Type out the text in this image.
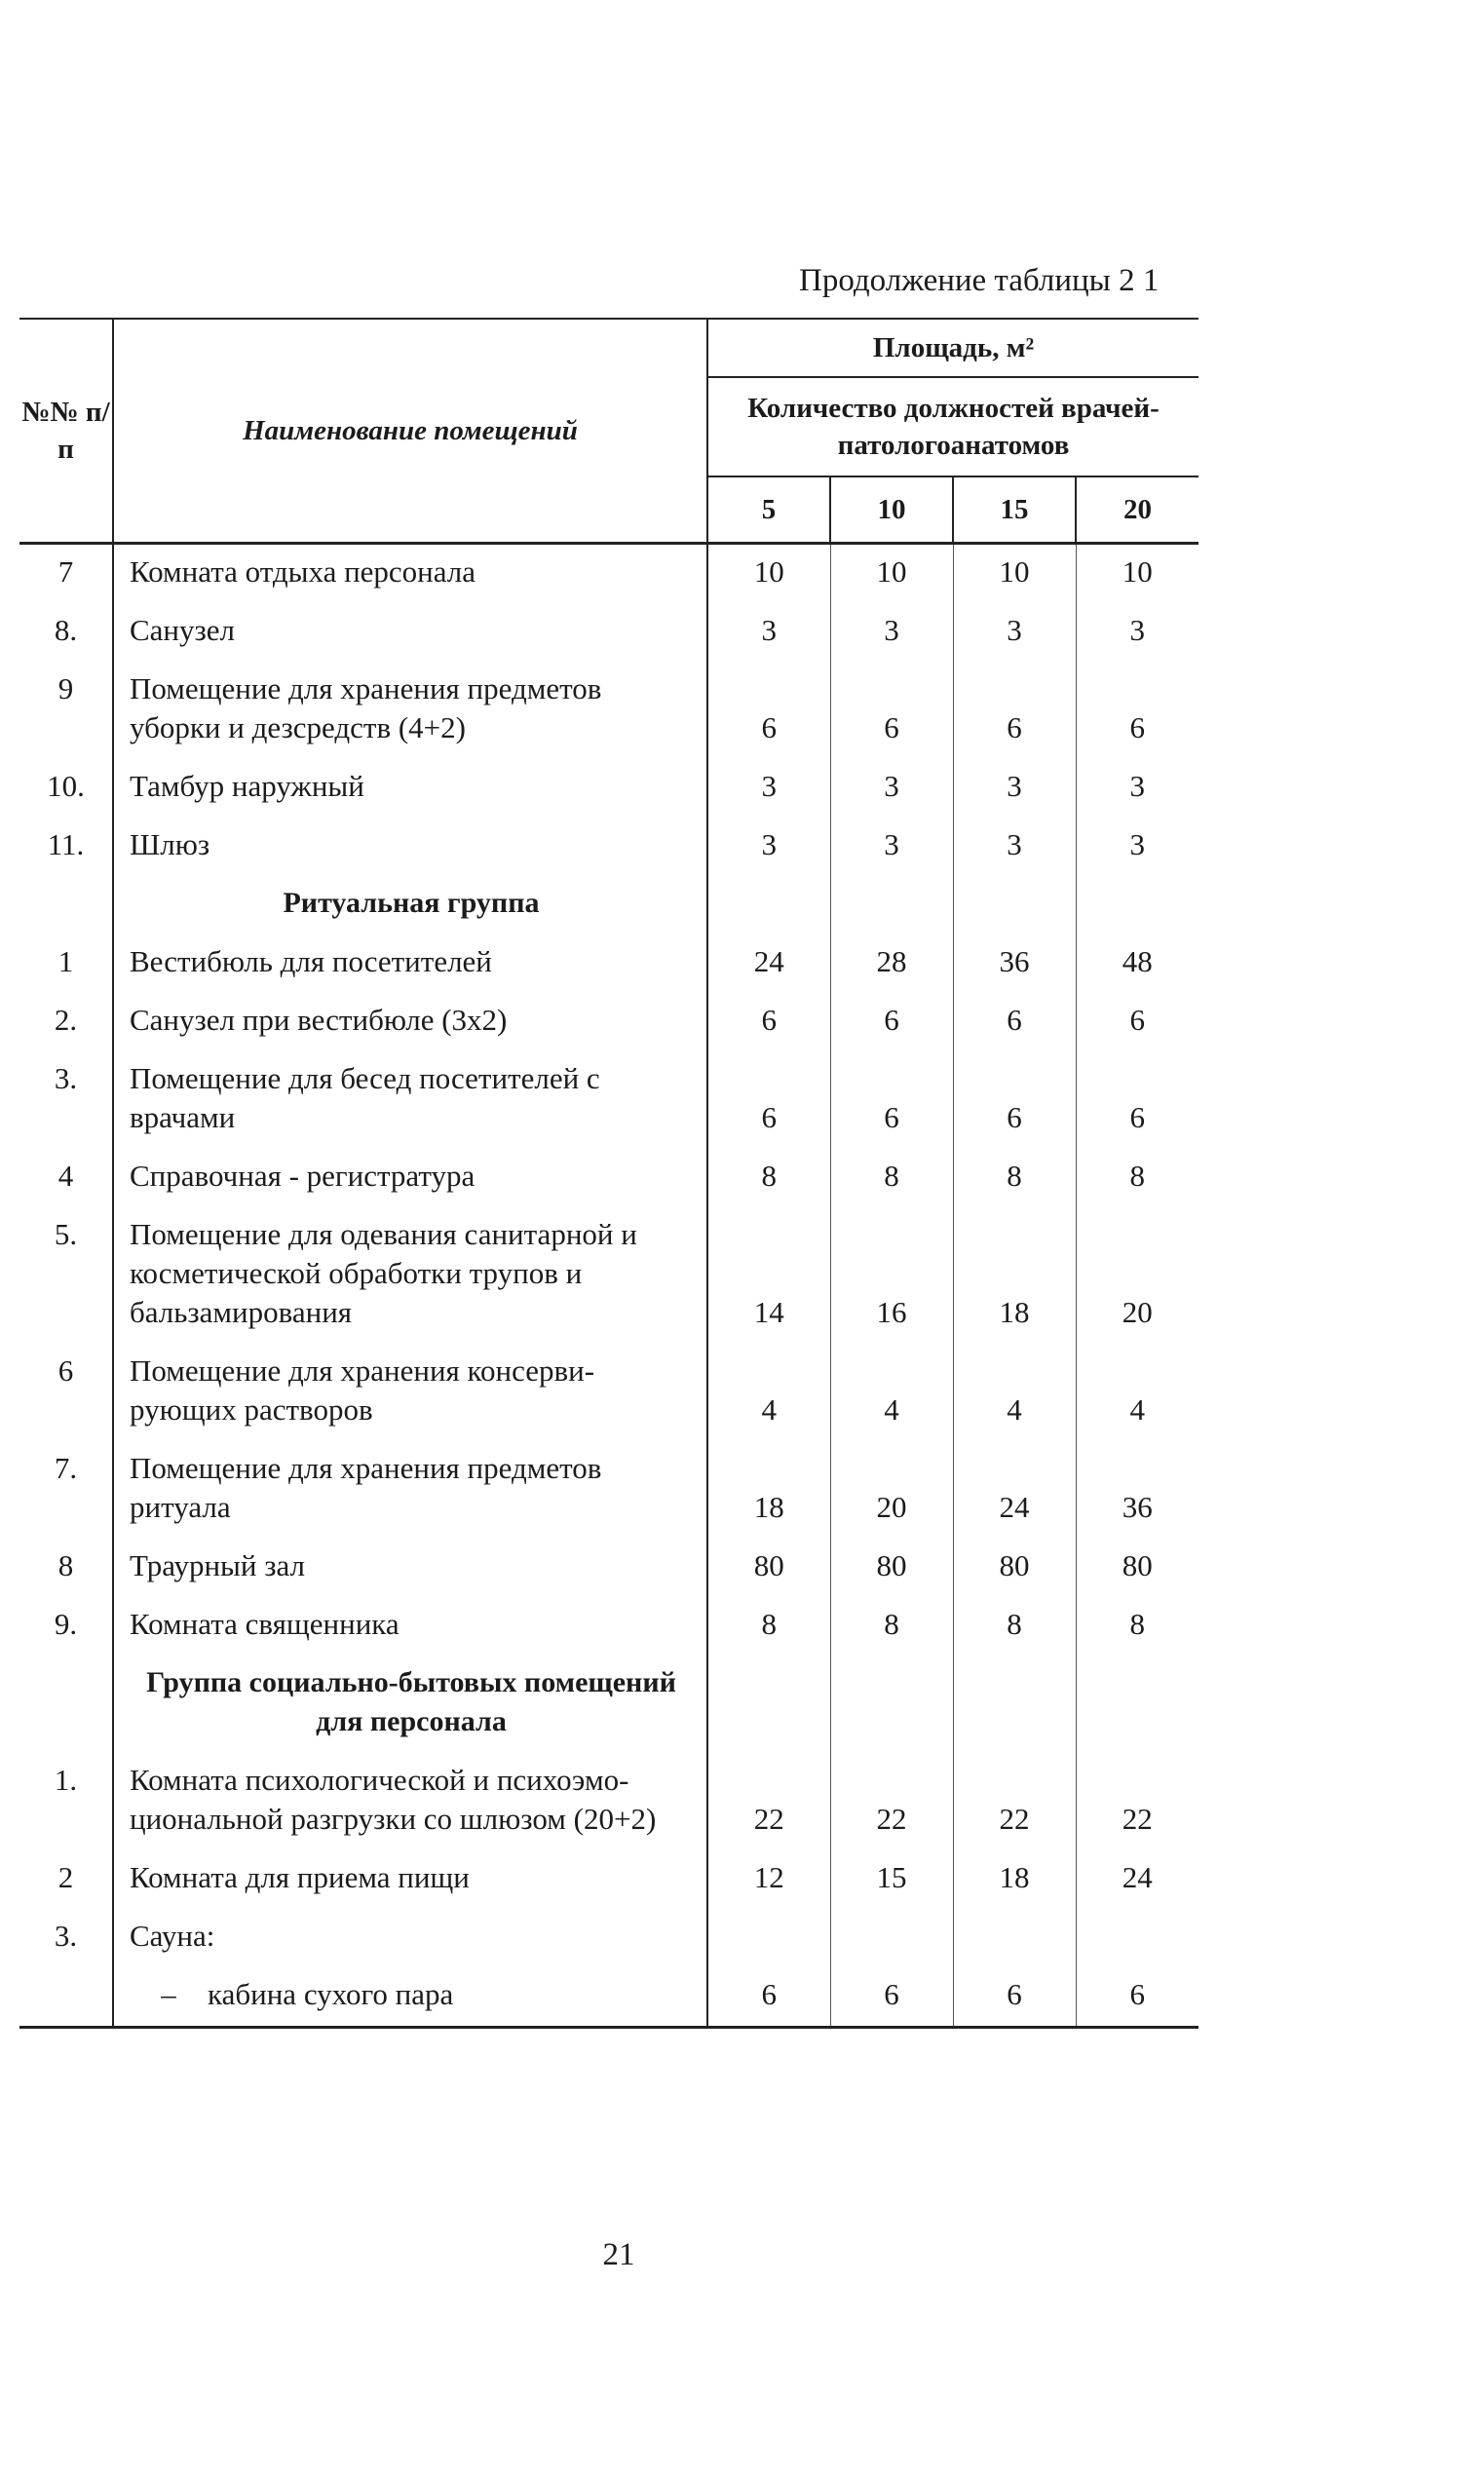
Продолжение таблицы 2 1
№№ п/п	Наименование помещений	Площадь, м²			
		Количество должностей врачей-патологоанатомов			
		5	10	15	20
7	Комната отдыха персонала	10	10	10	10
8.	Санузел	3	3	3	3
9	Помещение для хранения предметов уборки и дезсредств (4+2)	6	6	6	6
10.	Тамбур наружный	3	3	3	3
11.	Шлюз	3	3	3	3
	Ритуальная группа				
1	Вестибюль для посетителей	24	28	36	48
2.	Санузел при вестибюле (3х2)	6	6	6	6
3.	Помещение для бесед посетителей с врачами	6	6	6	6
4	Справочная - регистратура	8	8	8	8
5.	Помещение для одевания санитарной и косметической обработки трупов и бальзамирования	14	16	18	20
6	Помещение для хранения консерви-рующих растворов	4	4	4	4
7.	Помещение для хранения предметов ритуала	18	20	24	36
8	Траурный зал	80	80	80	80
9.	Комната священника	8	8	8	8
	Группа социально-бытовых помещений для персонала				
1.	Комната психологической и психоэмо-циональной разгрузки со шлюзом (20+2)	22	22	22	22
2	Комната для приема пищи	12	15	18	24
3.	Сауна:				
	– кабина сухого пара	6	6	6	6
21
